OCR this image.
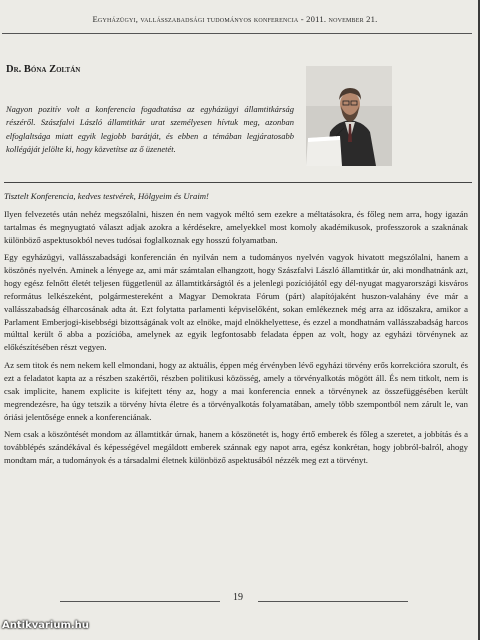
Egyházügyi, vallásszabadsági tudományos konferencia - 2011. november 21.
Dr. Bóna Zoltán
Nagyon pozitív volt a konferencia fogadtatása az egyházügyi államtitkárság részéről. Szászfalvi László államtitkár urat személyesen hívtuk meg, azonban elfoglaltsága miatt egyik legjobb barátját, és ebben a témában legjáratosabb kollégáját jelölte ki, hogy közvetítse az ő üzenetét.

Tisztelt Konferencia, kedves testvérek, Hölgyeim és Uraim!

Ilyen felvezetés után nehéz megszólalni, hiszen én nem vagyok méltó sem ezekre a méltatásokra, és főleg nem arra, hogy igazán tartalmas és megnyugtató választ adjak azokra a kérdésekre, amelyekkel most komoly akadémikusok, professzorok a szaknának különböző aspektusokból neves tudósai foglalkoznak egy hosszú folyamatban.

Egy egyházügyi, vallásszabadsági konferencián én nyilván nem a tudományos nyelvén vagyok hivatott megszólalni, hanem a köszönés nyelvén. Aminek a lényege az, ami már számtalan elhangzott, hogy Szászfalvi László államtitkár úr, aki mondhatnánk azt, hogy egész felnőtt életét teljesen függetlenül az államtitkárságtól és a jelenlegi pozíciójától egy dél-nyugat magyarországi kisváros református lelkészeként, polgármestereként a Magyar Demokrata Fórum (párt) alapítójaként huszon-valahány éve már a vallásszabadság élharcosának adta át. Ezt folytatta parlamenti képviselőként, sokan emlékeznek még arra az időszakra, amikor a Parlament Emberjogi-kisebbségi bizottságának volt az elnöke, majd elnökhelyettese, és ezzel a mondhatnám vallásszabadság harcos múlttal került ő abba a pozícióba, amelynek az egyik legfontosabb feladata éppen az volt, hogy az egyházi törvénynek az előkészítésében részt vegyen.

Az sem titok és nem nekem kell elmondani, hogy az aktuális, éppen még érvényben lévő egyházi törvény erős korrekcióra szorult, és ezt a feladatot kapta az a részben szakértői, részben politikusi közösség, amely a törvényalkotás mögött áll. És nem titkolt, nem is csak implicite, hanem explicite is kifejtett tény az, hogy a mai konferencia ennek a törvénynek az összefüggésében került megrendezésre, ha úgy tetszik a törvény hívta életre és a törvényalkotás folyamatában, amely több szempontból nem zárult le, van óriási jelentősége ennek a konferenciának.

Nem csak a köszöntését mondom az államtitkár úrnak, hanem a köszönetét is, hogy értő emberek és főleg a szeretet, a jobbítás és a továbblépés szándékával és képességével megáldott emberek szánnak egy napot arra, egész konkrétan, hogy jobbról-balról, ahogy mondtam már, a tudományok és a társadalmi életnek különböző aspektusából nézzék meg ezt a törvényt.

19
Antikvarium.hu
